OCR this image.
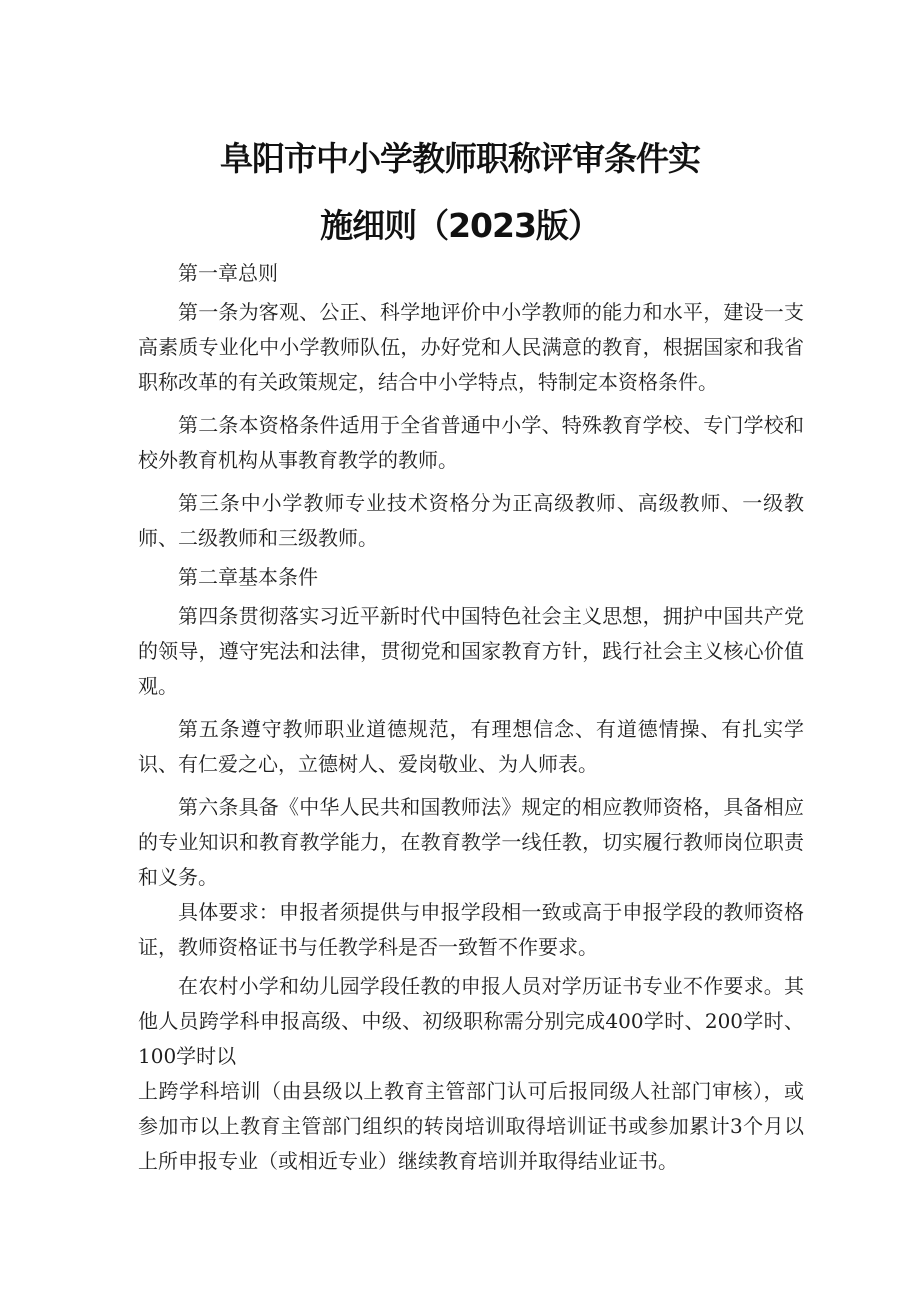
阜阳市中小学教师职称评审条件实
施细则（2023版）

第一章总则

第一条为客观、公正、科学地评价中小学教师的能力和水平，建设一支高素质专业化中小学教师队伍，办好党和人民满意的教育，根据国家和我省职称改革的有关政策规定，结合中小学特点，特制定本资格条件。

第二条本资格条件适用于全省普通中小学、特殊教育学校、专门学校和校外教育机构从事教育教学的教师。

第三条中小学教师专业技术资格分为正高级教师、高级教师、一级教师、二级教师和三级教师。

第二章基本条件

第四条贯彻落实习近平新时代中国特色社会主义思想，拥护中国共产党的领导，遵守宪法和法律，贯彻党和国家教育方针，践行社会主义核心价值观。

第五条遵守教师职业道德规范，有理想信念、有道德情操、有扎实学识、有仁爱之心，立德树人、爱岗敬业、为人师表。

第六条具备《中华人民共和国教师法》规定的相应教师资格，具备相应的专业知识和教育教学能力，在教育教学一线任教，切实履行教师岗位职责和义务。

具体要求：申报者须提供与申报学段相一致或高于申报学段的教师资格证，教师资格证书与任教学科是否一致暂不作要求。

在农村小学和幼儿园学段任教的申报人员对学历证书专业不作要求。其他人员跨学科申报高级、中级、初级职称需分别完成400学时、200学时、100学时以

上跨学科培训（由县级以上教育主管部门认可后报同级人社部门审核），或参加市以上教育主管部门组织的转岗培训取得培训证书或参加累计3个月以上所申报专业（或相近专业）继续教育培训并取得结业证书。
